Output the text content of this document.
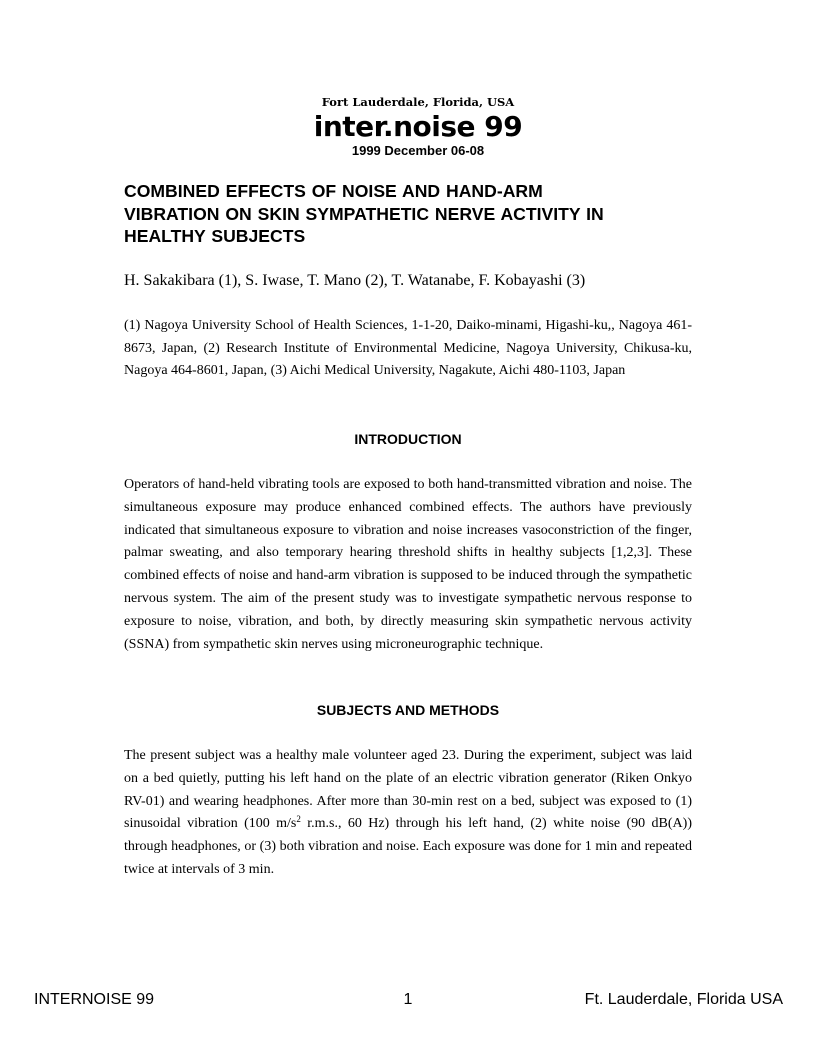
Fort Lauderdale, Florida, USA
inter.noise 99
1999 December 06-08
COMBINED EFFECTS OF NOISE AND HAND-ARM VIBRATION ON SKIN SYMPATHETIC NERVE ACTIVITY IN HEALTHY SUBJECTS
H. Sakakibara (1), S. Iwase, T. Mano (2), T. Watanabe, F. Kobayashi (3)
(1) Nagoya University School of Health Sciences, 1-1-20, Daiko-minami, Higashi-ku,, Nagoya 461-8673, Japan, (2) Research Institute of Environmental Medicine, Nagoya University, Chikusa-ku, Nagoya 464-8601, Japan, (3) Aichi Medical University, Nagakute, Aichi 480-1103, Japan
INTRODUCTION

Operators of hand-held vibrating tools are exposed to both hand-transmitted vibration and noise. The simultaneous exposure may produce enhanced combined effects. The authors have previously indicated that simultaneous exposure to vibration and noise increases vasoconstriction of the finger, palmar sweating, and also temporary hearing threshold shifts in healthy subjects [1,2,3]. These combined effects of noise and hand-arm vibration is supposed to be induced through the sympathetic nervous system. The aim of the present study was to investigate sympathetic nervous response to exposure to noise, vibration, and both, by directly measuring skin sympathetic nervous activity (SSNA) from sympathetic skin nerves using microneurographic technique.

SUBJECTS AND METHODS

The present subject was a healthy male volunteer aged 23. During the experiment, subject was laid on a bed quietly, putting his left hand on the plate of an electric vibration generator (Riken Onkyo RV-01) and wearing headphones. After more than 30-min rest on a bed, subject was exposed to (1) sinusoidal vibration (100 $m/s^2$ r.m.s., 60 Hz) through his left hand, (2) white noise (90 dB(A)) through headphones, or (3) both vibration and noise. Each exposure was done for 1 min and repeated twice at intervals of 3 min.

INTERNOISE 99	1	Ft. Lauderdale, Florida USA
